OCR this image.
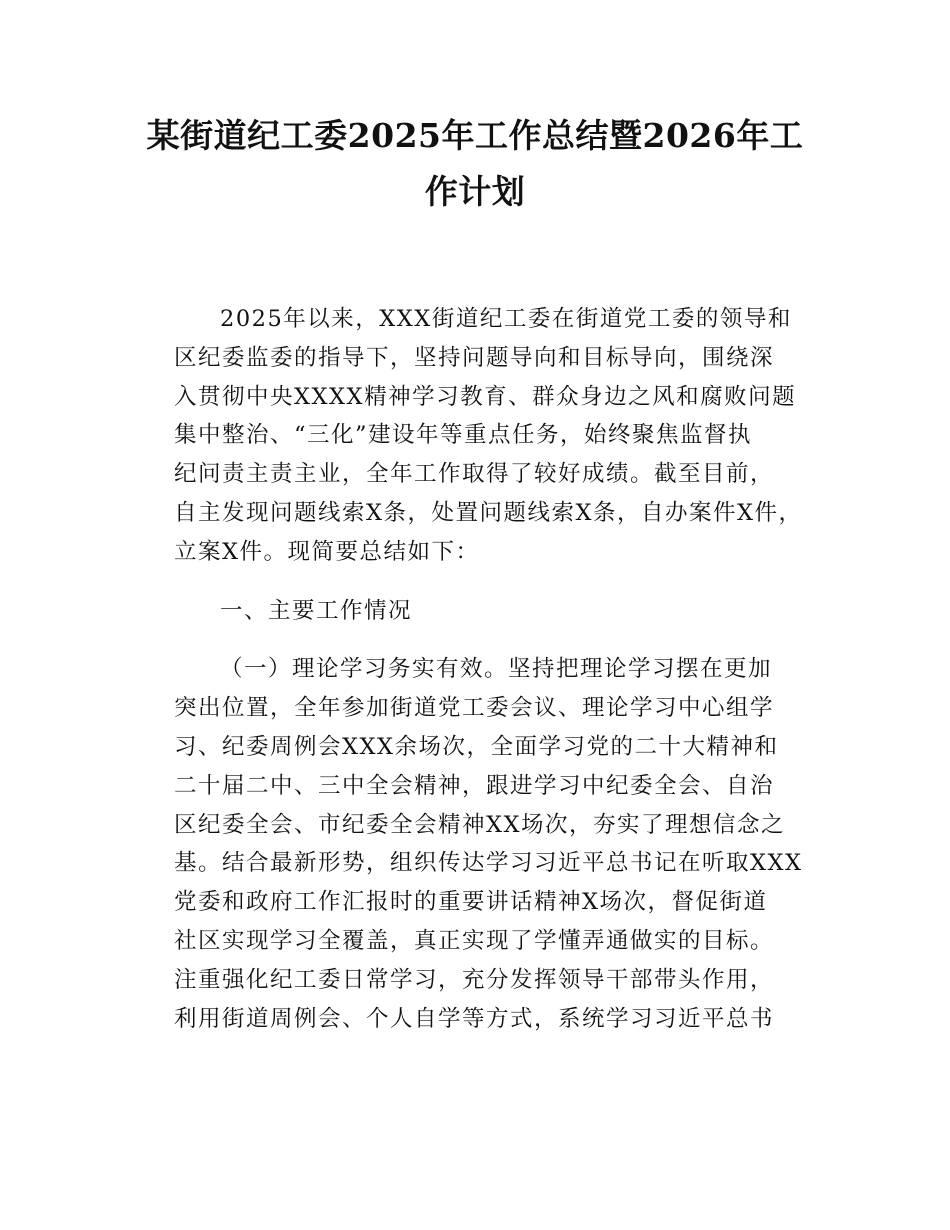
某街道纪工委2025年工作总结暨2026年工
作计划

2025年以来，XXX街道纪工委在街道党工委的领导和
区纪委监委的指导下，坚持问题导向和目标导向，围绕深
入贯彻中央XXXX精神学习教育、群众身边之风和腐败问题
集中整治、“三化”建设年等重点任务，始终聚焦监督执
纪问责主责主业，全年工作取得了较好成绩。截至目前，
自主发现问题线索X条，处置问题线索X条，自办案件X件，
立案X件。现简要总结如下：

一、主要工作情况

（一）理论学习务实有效。坚持把理论学习摆在更加
突出位置，全年参加街道党工委会议、理论学习中心组学
习、纪委周例会XXX余场次，全面学习党的二十大精神和
二十届二中、三中全会精神，跟进学习中纪委全会、自治
区纪委全会、市纪委全会精神XX场次，夯实了理想信念之
基。结合最新形势，组织传达学习习近平总书记在听取XXX
党委和政府工作汇报时的重要讲话精神X场次，督促街道
社区实现学习全覆盖，真正实现了学懂弄通做实的目标。
注重强化纪工委日常学习，充分发挥领导干部带头作用，
利用街道周例会、个人自学等方式，系统学习习近平总书
